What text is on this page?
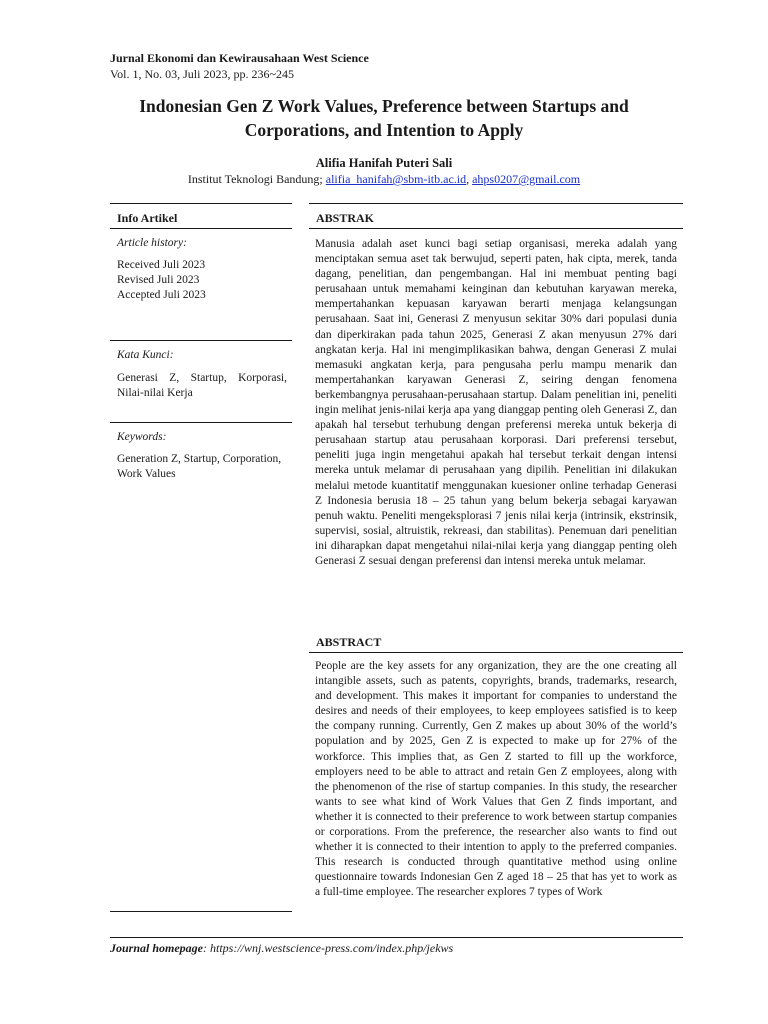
Jurnal Ekonomi dan Kewirausahaan West Science
Vol. 1, No. 03, Juli 2023, pp. 236~245
Indonesian Gen Z Work Values, Preference between Startups and Corporations, and Intention to Apply
Alifia Hanifah Puteri Sali
Institut Teknologi Bandung; alifia_hanifah@sbm-itb.ac.id, ahps0207@gmail.com
Info Artikel
Article history:
Received Juli 2023
Revised Juli 2023
Accepted Juli 2023
Kata Kunci:
Generasi Z, Startup, Korporasi, Nilai-nilai Kerja
Keywords:
Generation Z, Startup, Corporation, Work Values
ABSTRAK
Manusia adalah aset kunci bagi setiap organisasi, mereka adalah yang menciptakan semua aset tak berwujud, seperti paten, hak cipta, merek, tanda dagang, penelitian, dan pengembangan. Hal ini membuat penting bagi perusahaan untuk memahami keinginan dan kebutuhan karyawan mereka, mempertahankan kepuasan karyawan berarti menjaga kelangsungan perusahaan. Saat ini, Generasi Z menyusun sekitar 30% dari populasi dunia dan diperkirakan pada tahun 2025, Generasi Z akan menyusun 27% dari angkatan kerja. Hal ini mengimplikasikan bahwa, dengan Generasi Z mulai memasuki angkatan kerja, para pengusaha perlu mampu menarik dan mempertahankan karyawan Generasi Z, seiring dengan fenomena berkembangnya perusahaan-perusahaan startup. Dalam penelitian ini, peneliti ingin melihat jenis-nilai kerja apa yang dianggap penting oleh Generasi Z, dan apakah hal tersebut terhubung dengan preferensi mereka untuk bekerja di perusahaan startup atau perusahaan korporasi. Dari preferensi tersebut, peneliti juga ingin mengetahui apakah hal tersebut terkait dengan intensi mereka untuk melamar di perusahaan yang dipilih. Penelitian ini dilakukan melalui metode kuantitatif menggunakan kuesioner online terhadap Generasi Z Indonesia berusia 18 – 25 tahun yang belum bekerja sebagai karyawan penuh waktu. Peneliti mengeksplorasi 7 jenis nilai kerja (intrinsik, ekstrinsik, supervisi, sosial, altruistik, rekreasi, dan stabilitas). Penemuan dari penelitian ini diharapkan dapat mengetahui nilai-nilai kerja yang dianggap penting oleh Generasi Z sesuai dengan preferensi dan intensi mereka untuk melamar.
ABSTRACT
People are the key assets for any organization, they are the one creating all intangible assets, such as patents, copyrights, brands, trademarks, research, and development. This makes it important for companies to understand the desires and needs of their employees, to keep employees satisfied is to keep the company running. Currently, Gen Z makes up about 30% of the world’s population and by 2025, Gen Z is expected to make up for 27% of the workforce. This implies that, as Gen Z started to fill up the workforce, employers need to be able to attract and retain Gen Z employees, along with the phenomenon of the rise of startup companies. In this study, the researcher wants to see what kind of Work Values that Gen Z finds important, and whether it is connected to their preference to work between startup companies or corporations. From the preference, the researcher also wants to find out whether it is connected to their intention to apply to the preferred companies. This research is conducted through quantitative method using online questionnaire towards Indonesian Gen Z aged 18 – 25 that has yet to work as a full-time employee. The researcher explores 7 types of Work
Journal homepage: https://wnj.westscience-press.com/index.php/jekws
